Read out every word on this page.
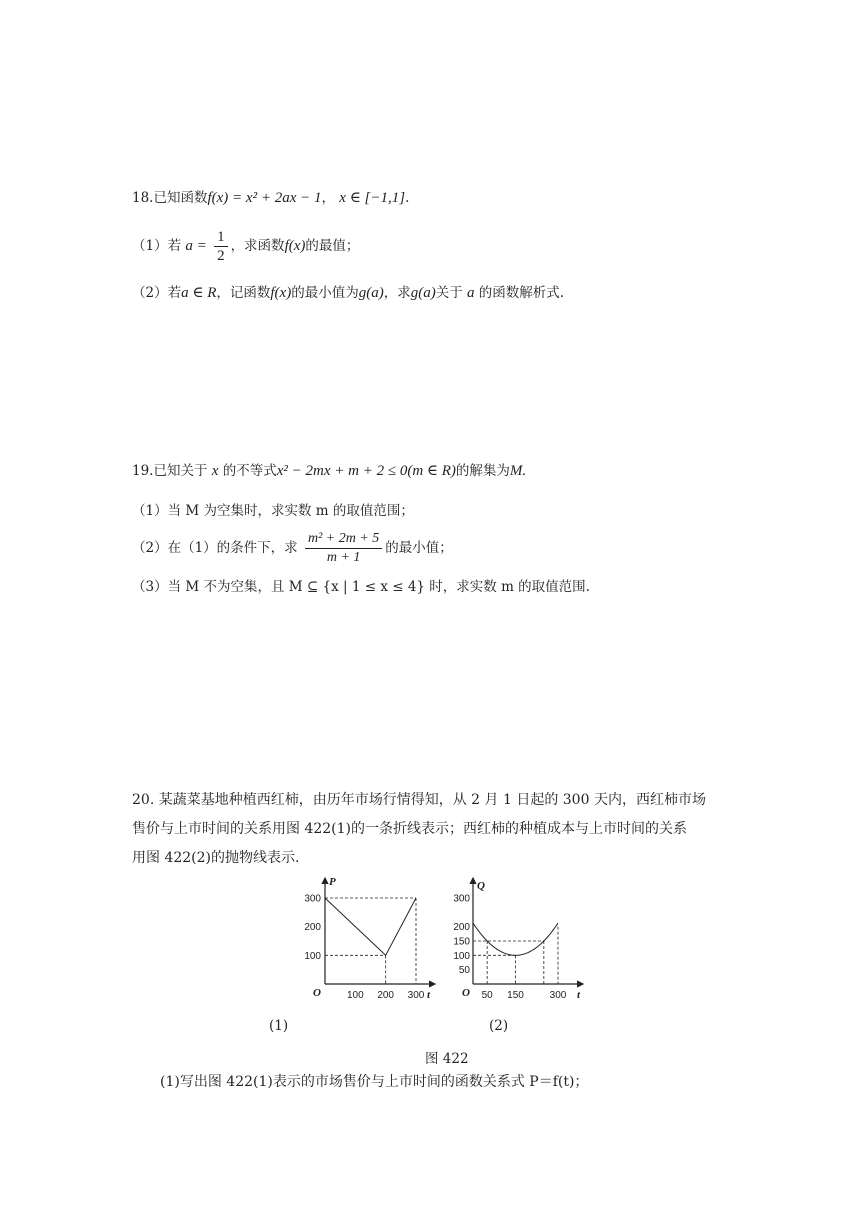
18.已知函数f(x) = x² + 2ax − 1， x ∈ [−1,1].
（1）若 $a = \frac{1}{2}$ ，求函数f(x)的最值；
（2）若a ∈ R，记函数f(x)的最小值为g(a)，求g(a)关于 a 的函数解析式.
19.已知关于 x 的不等式x² − 2mx + m + 2 ≤ 0(m ∈ R)的解集为M.
（1）当 M 为空集时，求实数 m 的取值范围；
（2）在（1）的条件下，求 $\frac{\text{m² + 2m + 5}}{m + 1}$ 的最小值；
（3）当 M 不为空集，且 M ⊆ {x | 1 ≤ x ≤ 4} 时，求实数 m 的取值范围.
20. 某蔬菜基地种植西红柿，由历年市场行情得知，从 2 月 1 日起的 300 天内，西红柿市场
售价与上市时间的关系用图 422(1)的一条折线表示；西红柿的种植成本与上市时间的关系
用图 422(2)的抛物线表示.
100 200 300
100
200
300
P
t
O	50 150	300
50
100
150
200
300
Q
t
O
(1)	(2)
图 422
(1)写出图 422(1)表示的市场售价与上市时间的函数关系式 P＝f(t)；
